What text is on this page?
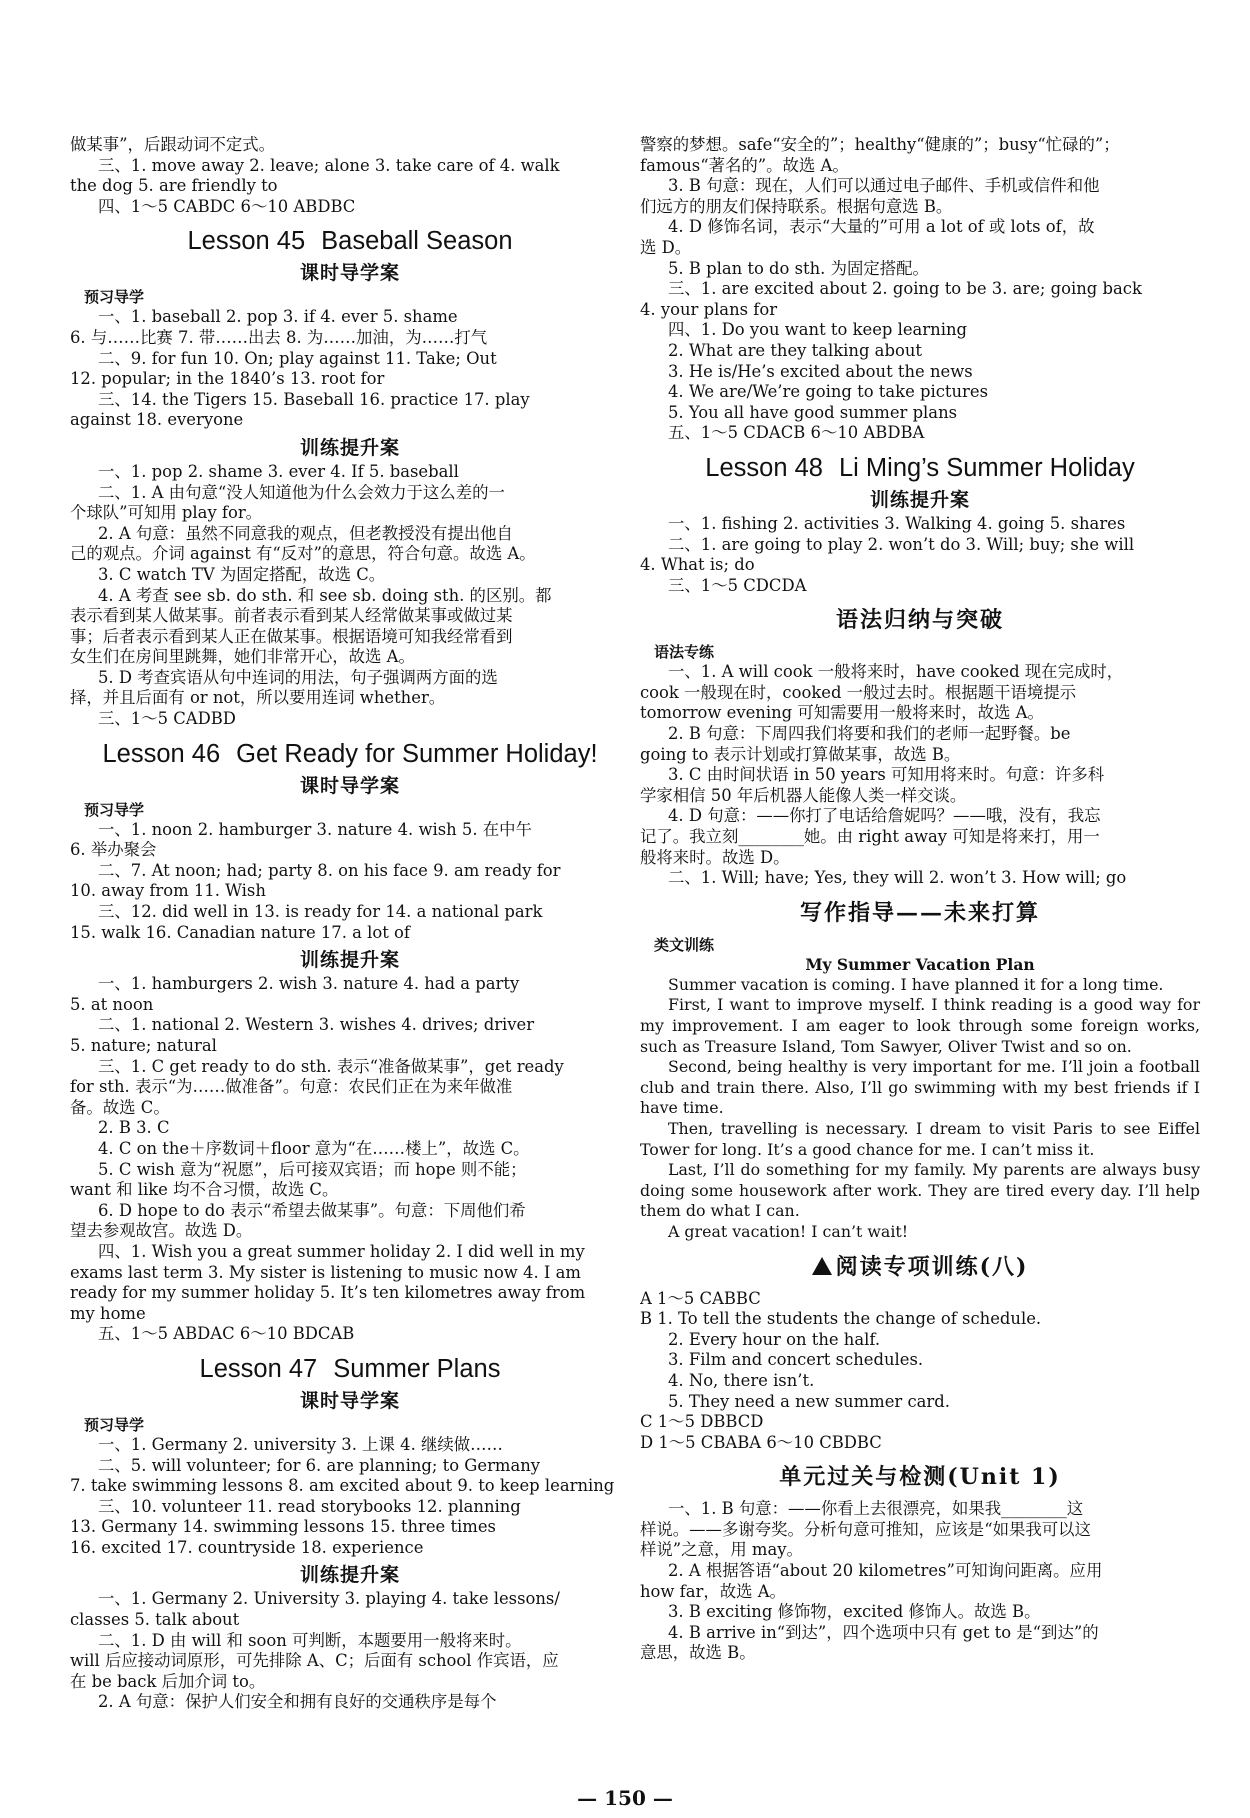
做某事”，后跟动词不定式。
三、1. move away 2. leave; alone 3. take care of 4. walk
the dog 5. are friendly to
四、1～5 CABDC 6～10 ABDBC
Lesson 45 Baseball Season
课时导学案
预习导学
一、1. baseball 2. pop 3. if 4. ever 5. shame
6. 与……比赛 7. 带……出去 8. 为……加油，为……打气
二、9. for fun 10. On; play against 11. Take; Out
12. popular; in the 1840’s 13. root for
三、14. the Tigers 15. Baseball 16. practice 17. play
against 18. everyone
训练提升案
一、1. pop 2. shame 3. ever 4. If 5. baseball
二、1. A 由句意“没人知道他为什么会效力于这么差的一
个球队”可知用 play for。
2. A 句意：虽然不同意我的观点，但老教授没有提出他自
己的观点。介词 against 有“反对”的意思，符合句意。故选 A。
3. C watch TV 为固定搭配，故选 C。
4. A 考查 see sb. do sth. 和 see sb. doing sth. 的区别。都
表示看到某人做某事。前者表示看到某人经常做某事或做过某
事；后者表示看到某人正在做某事。根据语境可知我经常看到
女生们在房间里跳舞，她们非常开心，故选 A。
5. D 考查宾语从句中连词的用法，句子强调两方面的选
择，并且后面有 or not，所以要用连词 whether。
三、1～5 CADBD
Lesson 46 Get Ready for Summer Holiday!
课时导学案
预习导学
一、1. noon 2. hamburger 3. nature 4. wish 5. 在中午
6. 举办聚会
二、7. At noon; had; party 8. on his face 9. am ready for
10. away from 11. Wish
三、12. did well in 13. is ready for 14. a national park
15. walk 16. Canadian nature 17. a lot of
训练提升案
一、1. hamburgers 2. wish 3. nature 4. had a party
5. at noon
二、1. national 2. Western 3. wishes 4. drives; driver
5. nature; natural
三、1. C get ready to do sth. 表示“准备做某事”，get ready
for sth. 表示“为……做准备”。句意：农民们正在为来年做准
备。故选 C。
2. B 3. C
4. C on the＋序数词＋floor 意为“在……楼上”，故选 C。
5. C wish 意为“祝愿”，后可接双宾语；而 hope 则不能；
want 和 like 均不合习惯，故选 C。
6. D hope to do 表示“希望去做某事”。句意：下周他们希
望去参观故宫。故选 D。
四、1. Wish you a great summer holiday 2. I did well in my
exams last term 3. My sister is listening to music now 4. I am
ready for my summer holiday 5. It’s ten kilometres away from
my home
五、1～5 ABDAC 6～10 BDCAB
Lesson 47 Summer Plans
课时导学案
预习导学
一、1. Germany 2. university 3. 上课 4. 继续做……
二、5. will volunteer; for 6. are planning; to Germany
7. take swimming lessons 8. am excited about 9. to keep learning
三、10. volunteer 11. read storybooks 12. planning
13. Germany 14. swimming lessons 15. three times
16. excited 17. countryside 18. experience
训练提升案
一、1. Germany 2. University 3. playing 4. take lessons/
classes 5. talk about
二、1. D 由 will 和 soon 可判断，本题要用一般将来时。
will 后应接动词原形，可先排除 A、C；后面有 school 作宾语，应
在 be back 后加介词 to。
2. A 句意：保护人们安全和拥有良好的交通秩序是每个
警察的梦想。safe“安全的”；healthy“健康的”；busy“忙碌的”；
famous“著名的”。故选 A。
3. B 句意：现在，人们可以通过电子邮件、手机或信件和他
们远方的朋友们保持联系。根据句意选 B。
4. D 修饰名词，表示“大量的”可用 a lot of 或 lots of，故
选 D。
5. B plan to do sth. 为固定搭配。
三、1. are excited about 2. going to be 3. are; going back
4. your plans for
四、1. Do you want to keep learning
2. What are they talking about
3. He is/He’s excited about the news
4. We are/We’re going to take pictures
5. You all have good summer plans
五、1～5 CDACB 6～10 ABDBA
Lesson 48 Li Ming’s Summer Holiday
训练提升案
一、1. fishing 2. activities 3. Walking 4. going 5. shares
二、1. are going to play 2. won’t do 3. Will; buy; she will
4. What is; do
三、1～5 CDCDA
语法归纳与突破
语法专练
一、1. A will cook 一般将来时，have cooked 现在完成时，
cook 一般现在时，cooked 一般过去时。根据题干语境提示
tomorrow evening 可知需要用一般将来时，故选 A。
2. B 句意：下周四我们将要和我们的老师一起野餐。be
going to 表示计划或打算做某事，故选 B。
3. C 由时间状语 in 50 years 可知用将来时。句意：许多科
学家相信 50 年后机器人能像人类一样交谈。
4. D 句意：——你打了电话给詹妮吗？——哦，没有，我忘
记了。我立刻________她。由 right away 可知是将来打，用一
般将来时。故选 D。
二、1. Will; have; Yes, they will 2. won’t 3. How will; go
写作指导——未来打算
类文训练
My Summer Vacation Plan
Summer vacation is coming. I have planned it for a long time.
First, I want to improve myself. I think reading is a good way for my improvement. I am eager to look through some foreign works, such as Treasure Island, Tom Sawyer, Oliver Twist and so on.
Second, being healthy is very important for me. I’ll join a football club and train there. Also, I’ll go swimming with my best friends if I have time.
Then, travelling is necessary. I dream to visit Paris to see Eiffel Tower for long. It’s a good chance for me. I can’t miss it.
Last, I’ll do something for my family. My parents are always busy doing some housework after work. They are tired every day. I’ll help them do what I can.
A great vacation! I can’t wait!
阅读专项训练(八)
A 1～5 CABBC
B 1. To tell the students the change of schedule.
2. Every hour on the half.
3. Film and concert schedules.
4. No, there isn’t.
5. They need a new summer card.
C 1～5 DBBCD
D 1～5 CBABA 6～10 CBDBC
单元过关与检测(Unit 1)
一、1. B 句意：——你看上去很漂亮，如果我________这
样说。——多谢夸奖。分析句意可推知，应该是“如果我可以这
样说”之意，用 may。
2. A 根据答语“about 20 kilometres”可知询问距离。应用
how far，故选 A。
3. B exciting 修饰物，excited 修饰人。故选 B。
4. B arrive in“到达”，四个选项中只有 get to 是“到达”的
意思，故选 B。
— 150 —
